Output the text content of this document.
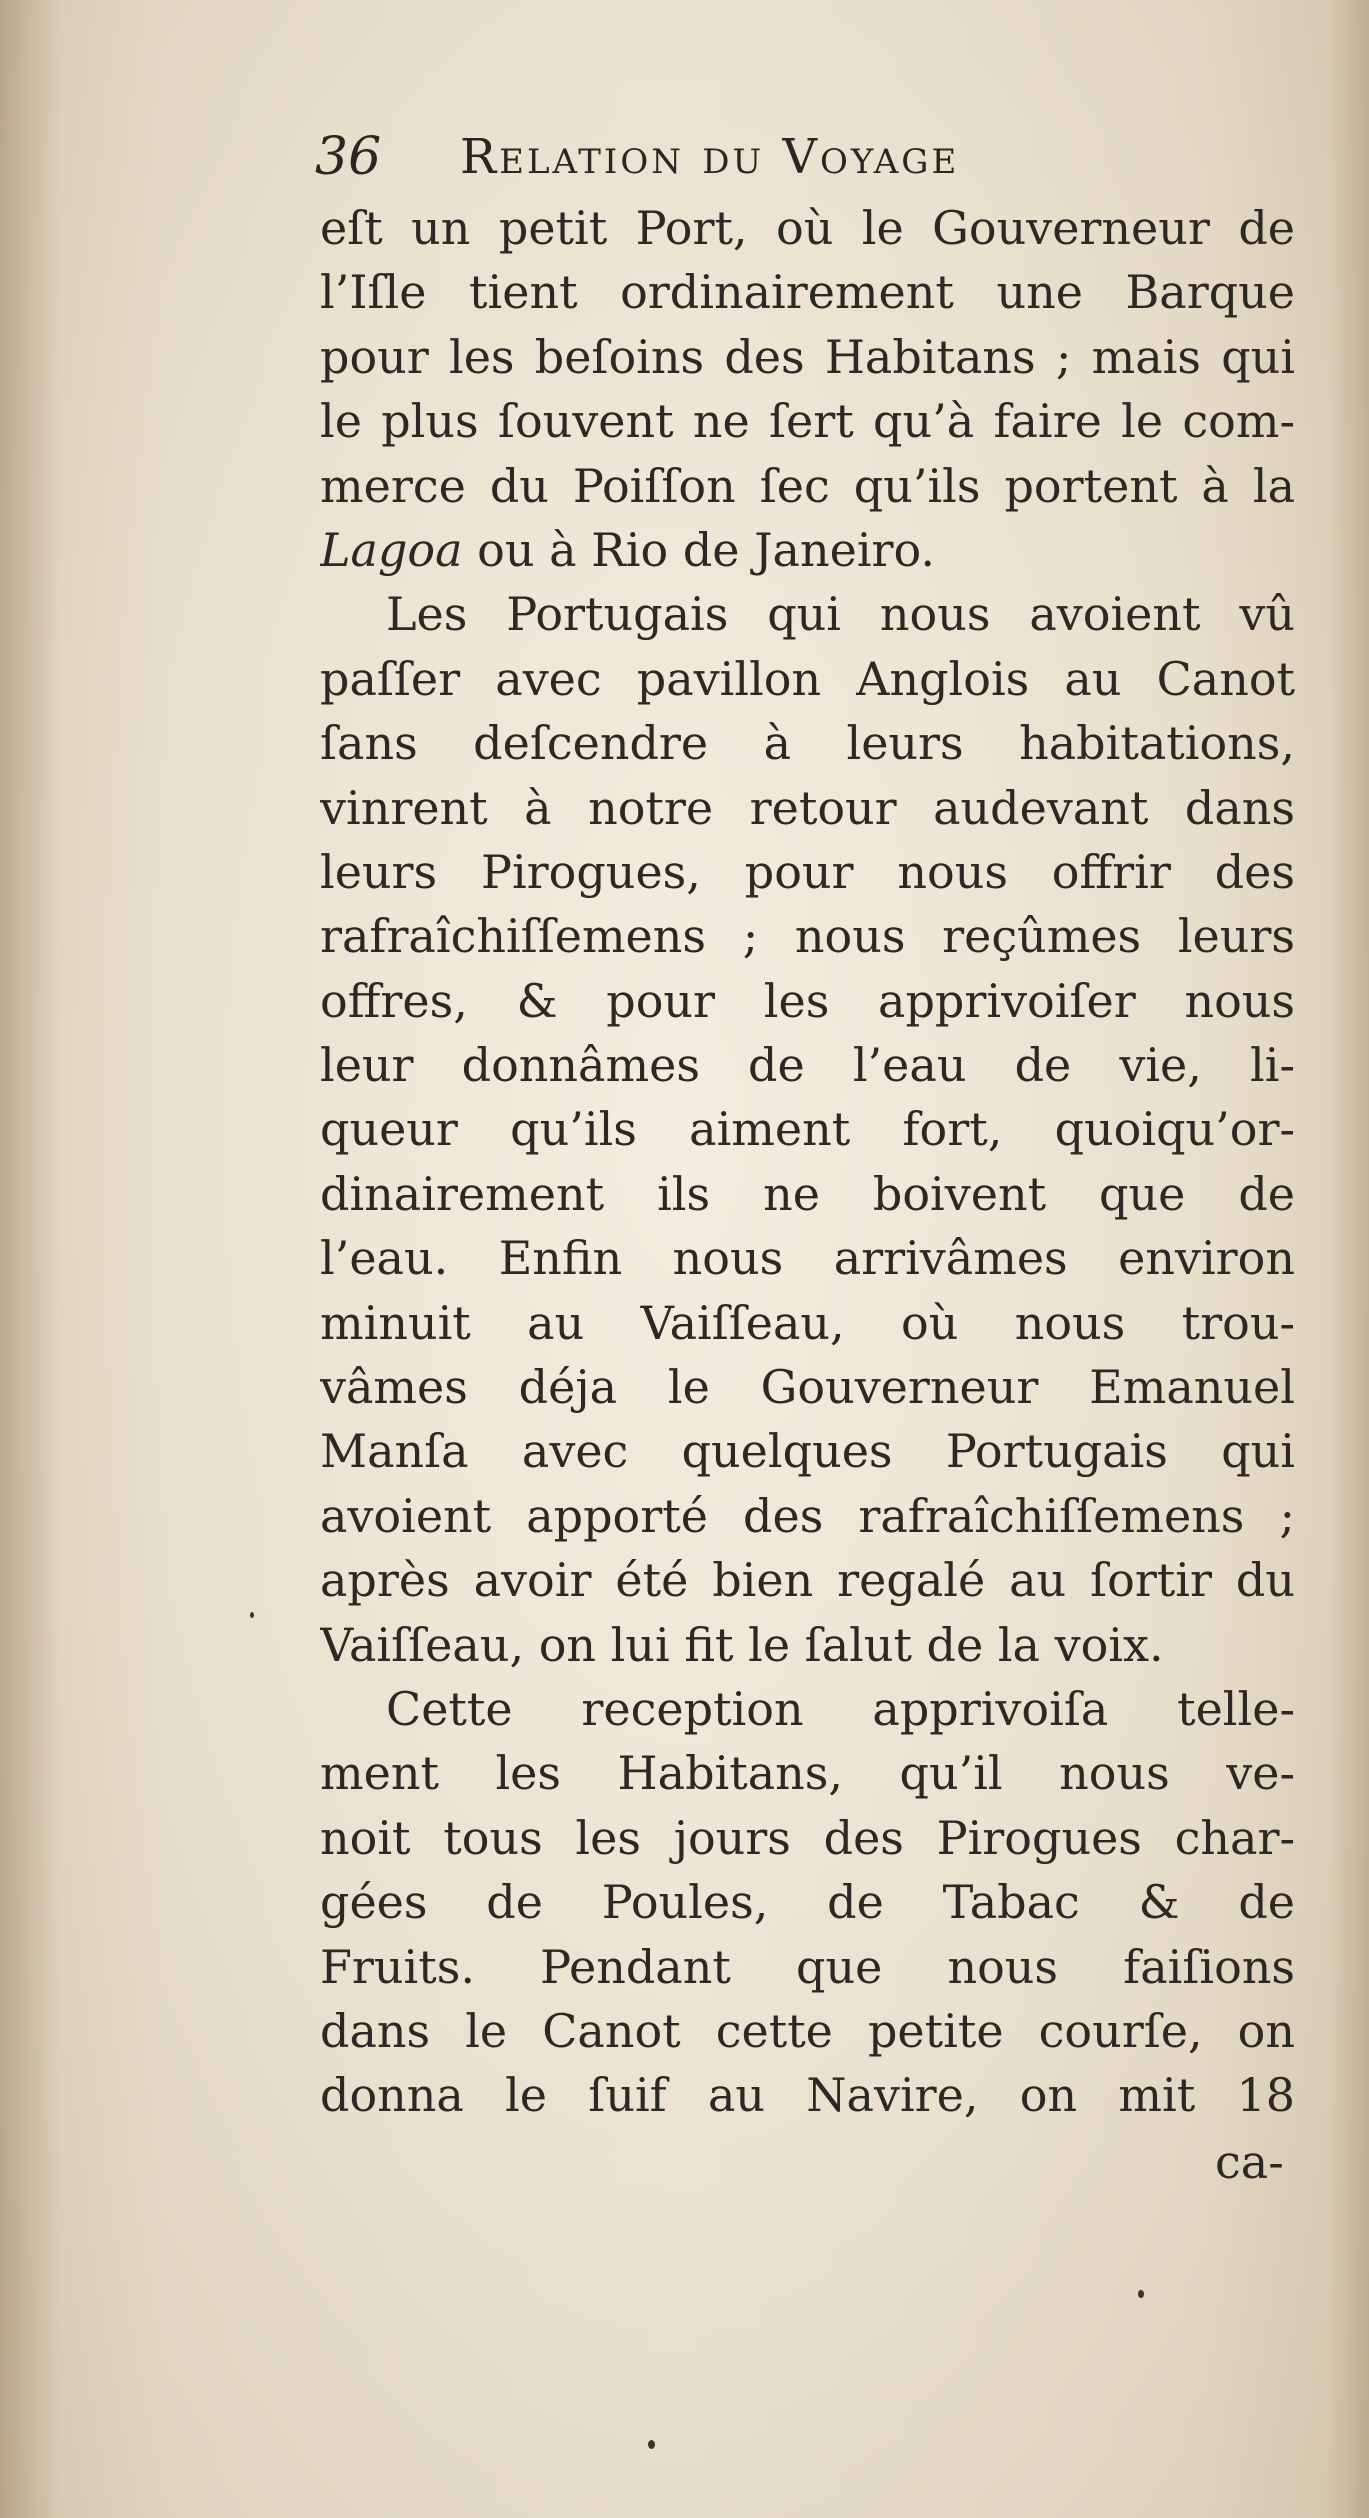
36 Relation du Voyage
eſt un petit Port, où le Gouverneur de
l’Iſle tient ordinairement une Barque
pour les beſoins des Habitans ; mais qui
le plus ſouvent ne ſert qu’à faire le com-
merce du Poiſſon ſec qu’ils portent à la
Lagoa ou à Rio de Janeiro.
Les Portugais qui nous avoient vû
paſſer avec pavillon Anglois au Canot
ſans deſcendre à leurs habitations,
vinrent à notre retour audevant dans
leurs Pirogues, pour nous offrir des
rafraîchiſſemens ; nous reçûmes leurs
offres, & pour les apprivoiſer nous
leur donnâmes de l’eau de vie, li-
queur qu’ils aiment fort, quoiqu’or-
dinairement ils ne boivent que de
l’eau. Enfin nous arrivâmes environ
minuit au Vaiſſeau, où nous trou-
vâmes déja le Gouverneur Emanuel
Manſa avec quelques Portugais qui
avoient apporté des rafraîchiſſemens ;
après avoir été bien regalé au ſortir du
Vaiſſeau, on lui fit le ſalut de la voix.
Cette reception apprivoiſa telle-
ment les Habitans, qu’il nous ve-
noit tous les jours des Pirogues char-
gées de Poules, de Tabac & de
Fruits. Pendant que nous faiſions
dans le Canot cette petite courſe, on
donna le ſuif au Navire, on mit 18
ca-
